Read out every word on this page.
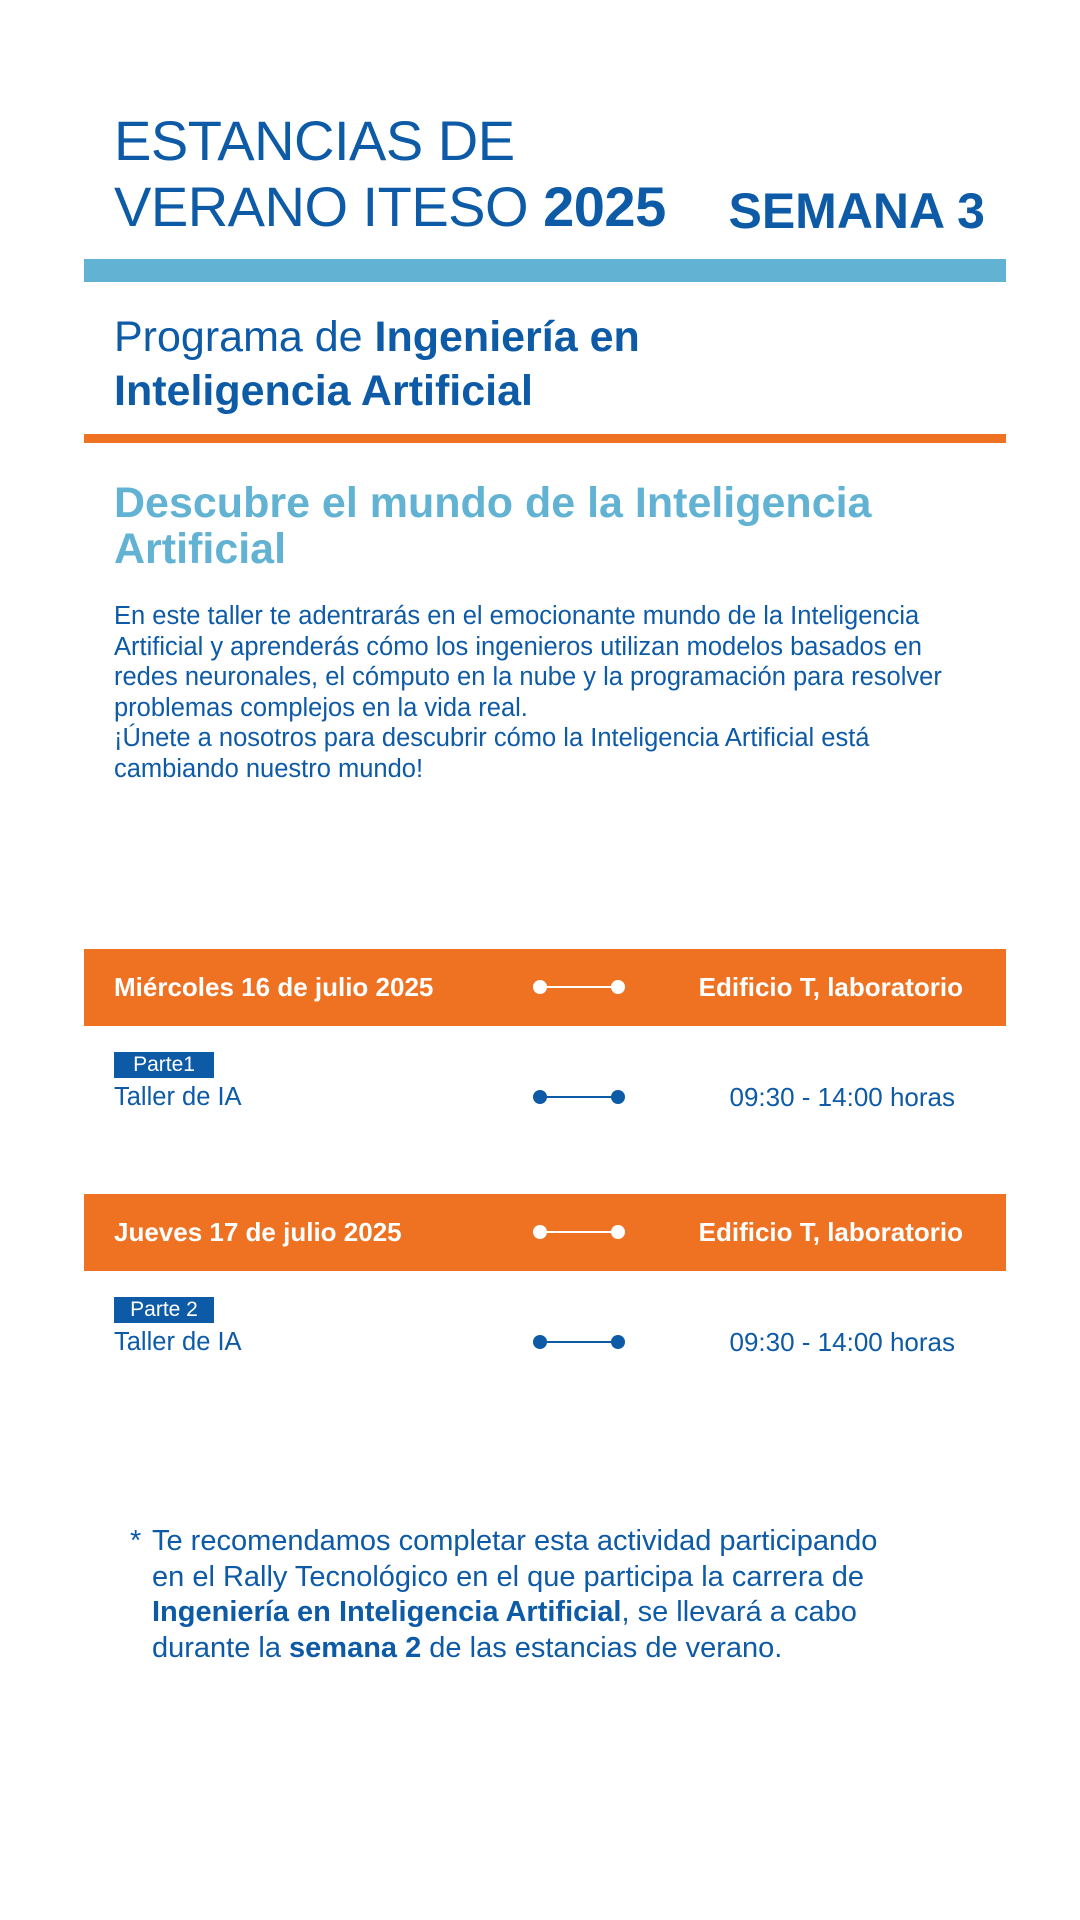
ESTANCIAS DE
VERANO ITESO 2025 SEMANA 3
Programa de Ingeniería en
Inteligencia Artificial
Descubre el mundo de la Inteligencia
Artificial

En este taller te adentrarás en el emocionante mundo de la Inteligencia

Artificial y aprenderás cómo los ingenieros utilizan modelos basados en

redes neuronales, el cómputo en la nube y la programación para resolver

problemas complejos en la vida real.

¡Únete a nosotros para descubrir cómo la Inteligencia Artificial está

cambiando nuestro mundo!

Miércoles 16 de julio 2025	Edificio T, laboratorio
Parte1
Taller de IA	09:30 - 14:00 horas
Jueves 17 de julio 2025	Edificio T, laboratorio
Parte 2
Taller de IA	09:30 - 14:00 horas
* Te recomendamos completar esta actividad participando
en el Rally Tecnológico en el que participa la carrera de
Ingeniería en Inteligencia Artificial, se llevará a cabo
durante la semana 2 de las estancias de verano.
